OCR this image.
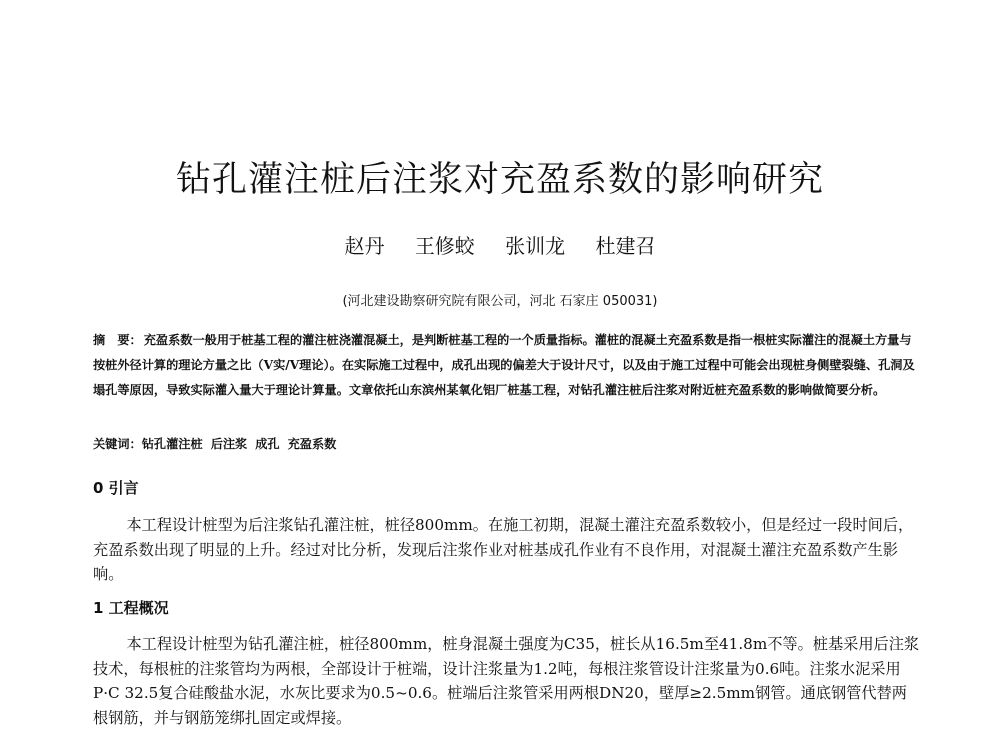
钻孔灌注桩后注浆对充盈系数的影响研究
赵丹 王修蛟 张训龙 杜建召
(河北建设勘察研究院有限公司，河北 石家庄 050031)
摘　要： 充盈系数一般用于桩基工程的灌注桩浇灌混凝土，是判断桩基工程的一个质量指标。灌桩的混凝土充盈系数是指一根桩实际灌注的混凝土方量与按桩外径计算的理论方量之比（V实/V理论）。在实际施工过程中，成孔出现的偏差大于设计尺寸，以及由于施工过程中可能会出现桩身侧壁裂缝、孔洞及塌孔等原因，导致实际灌入量大于理论计算量。文章依托山东滨州某氧化铝厂桩基工程，对钻孔灌注桩后注浆对附近桩充盈系数的影响做简要分析。
关键词：钻孔灌注桩 后注浆 成孔 充盈系数
0 引言

本工程设计桩型为后注浆钻孔灌注桩，桩径800mm。在施工初期，混凝土灌注充盈系数较小，但是经过一段时间后，充盈系数出现了明显的上升。经过对比分析，发现后注浆作业对桩基成孔作业有不良作用，对混凝土灌注充盈系数产生影响。

1 工程概况

本工程设计桩型为钻孔灌注桩，桩径800mm，桩身混凝土强度为C35，桩长从16.5m至41.8m不等。桩基采用后注浆技术，每根桩的注浆管均为两根，全部设计于桩端，设计注浆量为1.2吨，每根注浆管设计注浆量为0.6吨。注浆水泥采用P·C 32.5复合硅酸盐水泥，水灰比要求为0.5~0.6。桩端后注浆管采用两根DN20，壁厚≥2.5mm钢管。通底钢管代替两根钢筋，并与钢筋笼绑扎固定或焊接。
